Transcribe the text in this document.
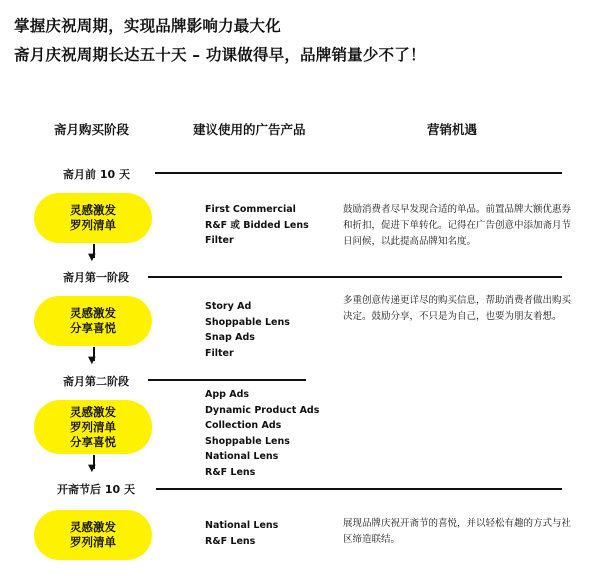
掌握庆祝周期，实现品牌影响力最大化
斋月庆祝周期长达五十天 – 功课做得早，品牌销量少不了！
斋月购买阶段	建议使用的广告产品	营销机遇
斋月前 10 天
灵感激发
罗列清单
▼
First Commercial
R&F 或 Bidded Lens
Filter
鼓励消费者尽早发现合适的单品。前置品牌大额优惠券和折扣，促进下单转化。记得在广告创意中添加斋月节日问候，以此提高品牌知名度。
斋月第一阶段
灵感激发
分享喜悦
▼
Story Ad
Shoppable Lens
Snap Ads
Filter
多重创意传递更详尽的购买信息，帮助消费者做出购买决定。鼓励分享，不只是为自己，也要为朋友着想。
斋月第二阶段
灵感激发
罗列清单
分享喜悦
▼
App Ads
Dynamic Product Ads
Collection Ads
Shoppable Lens
National Lens
R&F Lens
开斋节后 10 天
灵感激发
罗列清单
National Lens
R&F Lens
展现品牌庆祝开斋节的喜悦，并以轻松有趣的方式与社区缔造联结。
